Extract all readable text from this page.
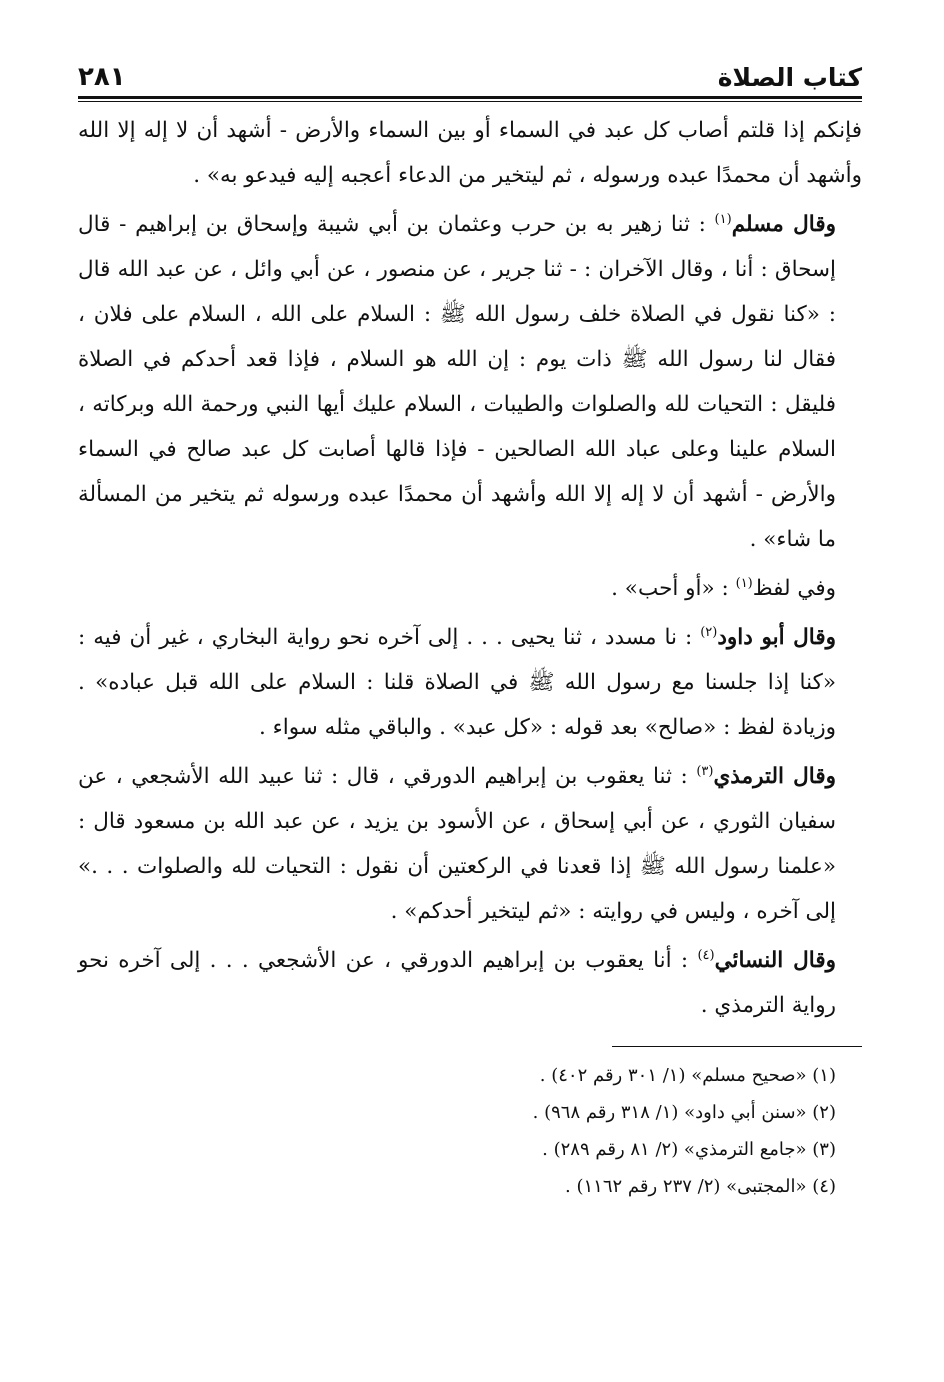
كتاب الصلاة
٢٨١

فإنكم إذا قلتم أصاب كل عبد في السماء أو بين السماء والأرض - أشهد أن لا إله إلا الله وأشهد أن محمدًا عبده ورسوله ، ثم ليتخير من الدعاء أعجبه إليه فيدعو به» .

وقال مسلم$^{(١)}$ : ثنا زهير به بن حرب وعثمان بن أبي شيبة وإسحاق بن إبراهيم - قال إسحاق : أنا ، وقال الآخران : - ثنا جرير ، عن منصور ، عن أبي وائل ، عن عبد الله قال : «كنا نقول في الصلاة خلف رسول الله ﷺ : السلام على الله ، السلام على فلان ، فقال لنا رسول الله ﷺ ذات يوم : إن الله هو السلام ، فإذا قعد أحدكم في الصلاة فليقل : التحيات لله والصلوات والطيبات ، السلام عليك أيها النبي ورحمة الله وبركاته ، السلام علينا وعلى عباد الله الصالحين - فإذا قالها أصابت كل عبد صالح في السماء والأرض - أشهد أن لا إله إلا الله وأشهد أن محمدًا عبده ورسوله ثم يتخير من المسألة ما شاء» .

وفي لفظ$^{(١)}$ : «أو أحب» .

وقال أبو داود$^{(٢)}$ : نا مسدد ، ثنا يحيى . . . إلى آخره نحو رواية البخاري ، غير أن فيه : «كنا إذا جلسنا مع رسول الله ﷺ في الصلاة قلنا : السلام على الله قبل عباده» . وزيادة لفظ : «صالح» بعد قوله : «كل عبد» . والباقي مثله سواء .

وقال الترمذي$^{(٣)}$ : ثنا يعقوب بن إبراهيم الدورقي ، قال : ثنا عبيد الله الأشجعي ، عن سفيان الثوري ، عن أبي إسحاق ، عن الأسود بن يزيد ، عن عبد الله بن مسعود قال : «علمنا رسول الله ﷺ إذا قعدنا في الركعتين أن نقول : التحيات لله والصلوات . . .» إلى آخره ، وليس في روايته : «ثم ليتخير أحدكم» .

وقال النسائي$^{(٤)}$ : أنا يعقوب بن إبراهيم الدورقي ، عن الأشجعي . . . إلى آخره نحو رواية الترمذي .

(١) «صحيح مسلم» (١/ ٣٠١ رقم ٤٠٢) .

(٢) «سنن أبي داود» (١/ ٣١٨ رقم ٩٦٨) .

(٣) «جامع الترمذي» (٢/ ٨١ رقم ٢٨٩) .

(٤) «المجتبى» (٢/ ٢٣٧ رقم ١١٦٢) .
